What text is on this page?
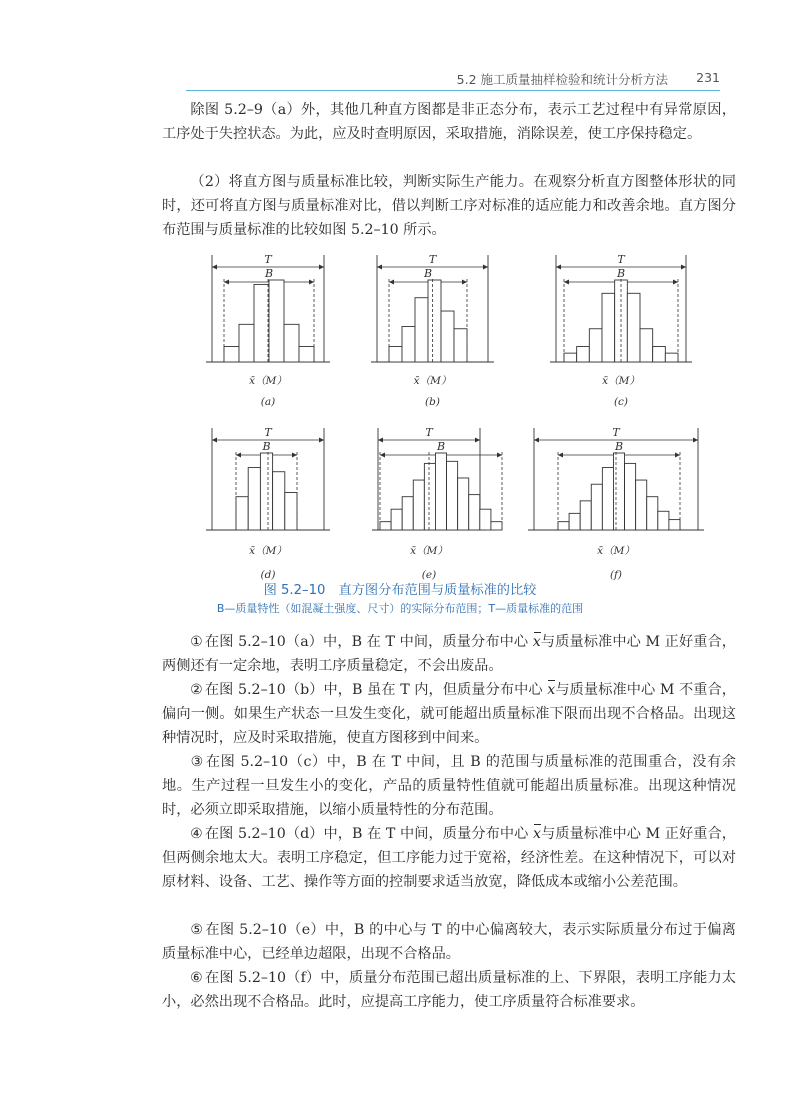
5.2 施工质量抽样检验和统计分析方法 231

除图 5.2–9（a）外，其他几种直方图都是非正态分布，表示工艺过程中有异常原因，工序处于失控状态。为此，应及时查明原因，采取措施，消除误差，使工序保持稳定。

（2）将直方图与质量标准比较，判断实际生产能力。在观察分析直方图整体形状的同时，还可将直方图与质量标准对比，借以判断工序对标准的适应能力和改善余地。直方图分布范围与质量标准的比较如图 5.2–10 所示。

T
B
x̄（M）
(a)
T
B
x̄（M）
(b)
T
B
x̄（M）
(c)
T
B
x̄（M）
(d)
T
B
x̄（M）
(e)
T
B
x̄（M）
(f)

图 5.2–10　直方图分布范围与质量标准的比较

B—质量特性（如混凝土强度、尺寸）的实际分布范围；T—质量标准的范围

① 在图 5.2–10（a）中，B 在 T 中间，质量分布中心 x与质量标准中心 M 正好重合，两侧还有一定余地，表明工序质量稳定，不会出废品。

② 在图 5.2–10（b）中，B 虽在 T 内，但质量分布中心 x与质量标准中心 M 不重合，偏向一侧。如果生产状态一旦发生变化，就可能超出质量标准下限而出现不合格品。出现这种情况时，应及时采取措施，使直方图移到中间来。

③ 在图 5.2–10（c）中，B 在 T 中间，且 B 的范围与质量标准的范围重合，没有余地。生产过程一旦发生小的变化，产品的质量特性值就可能超出质量标准。出现这种情况时，必须立即采取措施，以缩小质量特性的分布范围。

④ 在图 5.2–10（d）中，B 在 T 中间，质量分布中心 x与质量标准中心 M 正好重合，但两侧余地太大。表明工序稳定，但工序能力过于宽裕，经济性差。在这种情况下，可以对原材料、设备、工艺、操作等方面的控制要求适当放宽，降低成本或缩小公差范围。

⑤ 在图 5.2–10（e）中，B 的中心与 T 的中心偏离较大，表示实际质量分布过于偏离质量标准中心，已经单边超限，出现不合格品。

⑥ 在图 5.2–10（f）中，质量分布范围已超出质量标准的上、下界限，表明工序能力太小，必然出现不合格品。此时，应提高工序能力，使工序质量符合标准要求。
